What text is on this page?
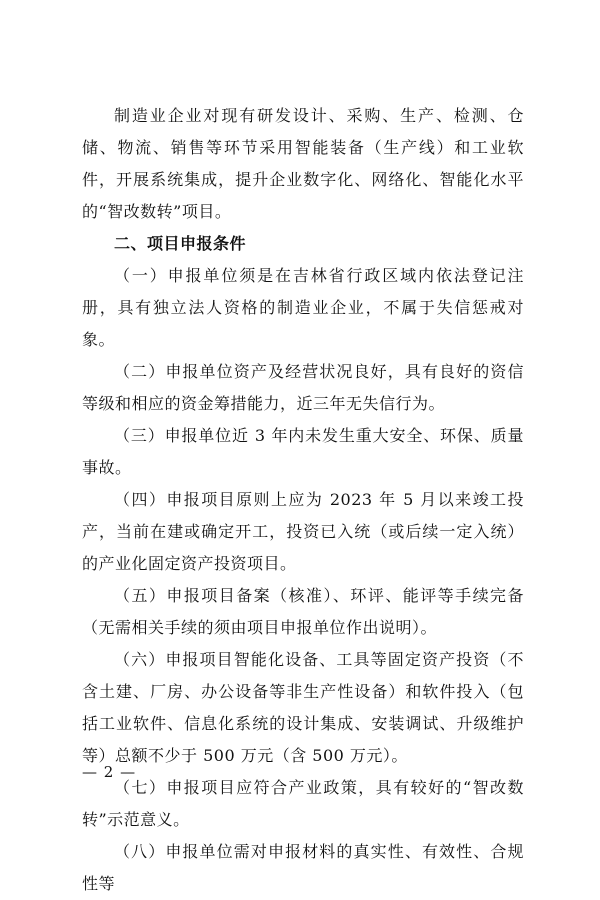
制造业企业对现有研发设计、采购、生产、检测、仓储、物流、销售等环节采用智能装备（生产线）和工业软件，开展系统集成，提升企业数字化、网络化、智能化水平的“智改数转”项目。

二、项目申报条件

（一）申报单位须是在吉林省行政区域内依法登记注册，具有独立法人资格的制造业企业，不属于失信惩戒对象。

（二）申报单位资产及经营状况良好，具有良好的资信等级和相应的资金筹措能力，近三年无失信行为。

（三）申报单位近 3 年内未发生重大安全、环保、质量事故。

（四）申报项目原则上应为 2023 年 5 月以来竣工投产，当前在建或确定开工，投资已入统（或后续一定入统）的产业化固定资产投资项目。

（五）申报项目备案（核准）、环评、能评等手续完备（无需相关手续的须由项目申报单位作出说明）。

（六）申报项目智能化设备、工具等固定资产投资（不含土建、厂房、办公设备等非生产性设备）和软件投入（包括工业软件、信息化系统的设计集成、安装调试、升级维护等）总额不少于 500 万元（含 500 万元）。

（七）申报项目应符合产业政策，具有较好的“智改数转”示范意义。

（八）申报单位需对申报材料的真实性、有效性、合规性等

— 2 —
